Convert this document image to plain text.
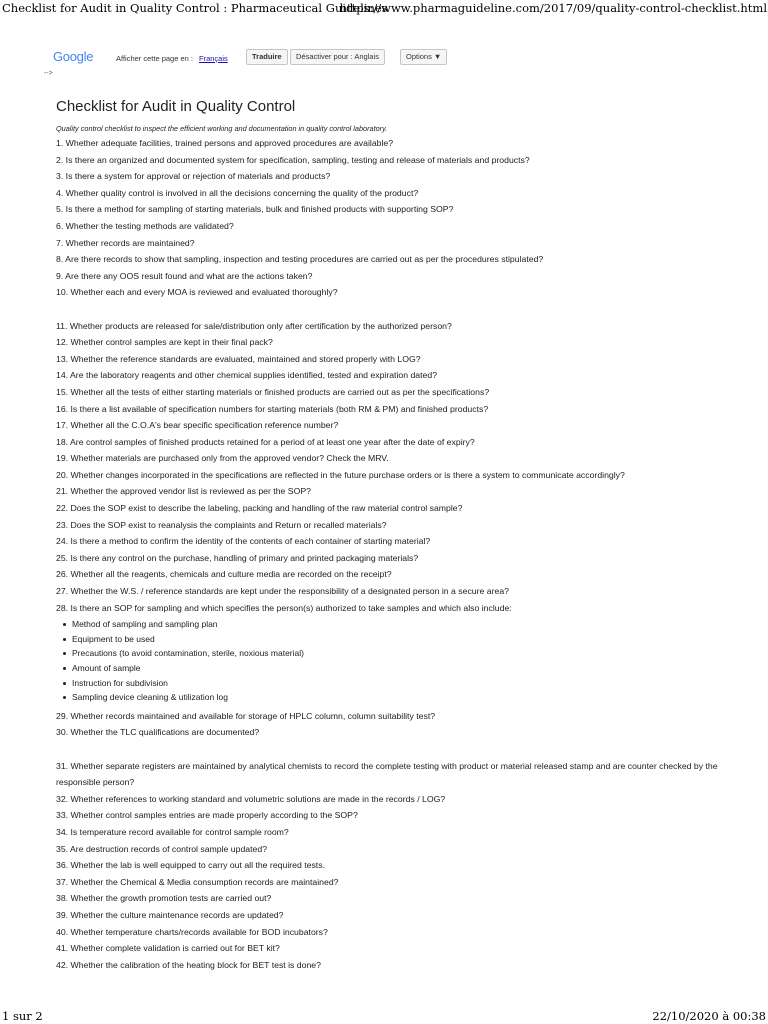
Checklist for Audit in Quality Control : Pharmaceutical Guidelines
https://www.pharmaguideline.com/2017/09/quality-control-checklist.html
Google	Afficher cette page en : Français	Traduire	Désactiver pour : Anglais	Options ▼
-->
Checklist for Audit in Quality Control
Quality control checklist to inspect the efficient working and documentation in quality control laboratory.
1. Whether adequate facilities, trained persons and approved procedures are available?
2. Is there an organized and documented system for specification, sampling, testing and release of materials and products?
3. Is there a system for approval or rejection of materials and products?
4. Whether quality control is involved in all the decisions concerning the quality of the product?
5. Is there a method for sampling of starting materials, bulk and finished products with supporting SOP?
6. Whether the testing methods are validated?
7. Whether records are maintained?
8. Are there records to show that sampling, inspection and testing procedures are carried out as per the procedures stipulated?
9. Are there any OOS result found and what are the actions taken?
10. Whether each and every MOA is reviewed and evaluated thoroughly?
11. Whether products are released for sale/distribution only after certification by the authorized person?
12. Whether control samples are kept in their final pack?
13. Whether the reference standards are evaluated, maintained and stored properly with LOG?
14. Are the laboratory reagents and other chemical supplies identified, tested and expiration dated?
15. Whether all the tests of either starting materials or finished products are carried out as per the specifications?
16. Is there a list available of specification numbers for starting materials (both RM & PM) and finished products?
17. Whether all the C.O.A's bear specific specification reference number?
18. Are control samples of finished products retained for a period of at least one year after the date of expiry?
19. Whether materials are purchased only from the approved vendor? Check the MRV.
20. Whether changes incorporated in the specifications are reflected in the future purchase orders or is there a system to communicate accordingly?
21. Whether the approved vendor list is reviewed as per the SOP?
22. Does the SOP exist to describe the labeling, packing and handling of the raw material control sample?
23. Does the SOP exist to reanalysis the complaints and Return or recalled materials?
24. Is there a method to confirm the identity of the contents of each container of starting material?
25. Is there any control on the purchase, handling of primary and printed packaging materials?
26. Whether all the reagents, chemicals and culture media are recorded on the receipt?
27. Whether the W.S. / reference standards are kept under the responsibility of a designated person in a secure area?
28. Is there an SOP for sampling and which specifies the person(s) authorized to take samples and which also include:
Method of sampling and sampling plan
Equipment to be used
Precautions (to avoid contamination, sterile, noxious material)
Amount of sample
Instruction for subdivision
Sampling device cleaning & utilization log
29. Whether records maintained and available for storage of HPLC column, column suitability test?
30. Whether the TLC qualifications are documented?
31. Whether separate registers are maintained by analytical chemists to record the complete testing with product or material released stamp and are counter checked by the responsible person?
32. Whether references to working standard and volumetric solutions are made in the records / LOG?
33. Whether control samples entries are made properly according to the SOP?
34. Is temperature record available for control sample room?
35. Are destruction records of control sample updated?
36. Whether the lab is well equipped to carry out all the required tests.
37. Whether the Chemical & Media consumption records are maintained?
38. Whether the growth promotion tests are carried out?
39. Whether the culture maintenance records are updated?
40. Whether temperature charts/records available for BOD incubators?
41. Whether complete validation is carried out for BET kit?
42. Whether the calibration of the heating block for BET test is done?
1 sur 2	22/10/2020 à 00:38
